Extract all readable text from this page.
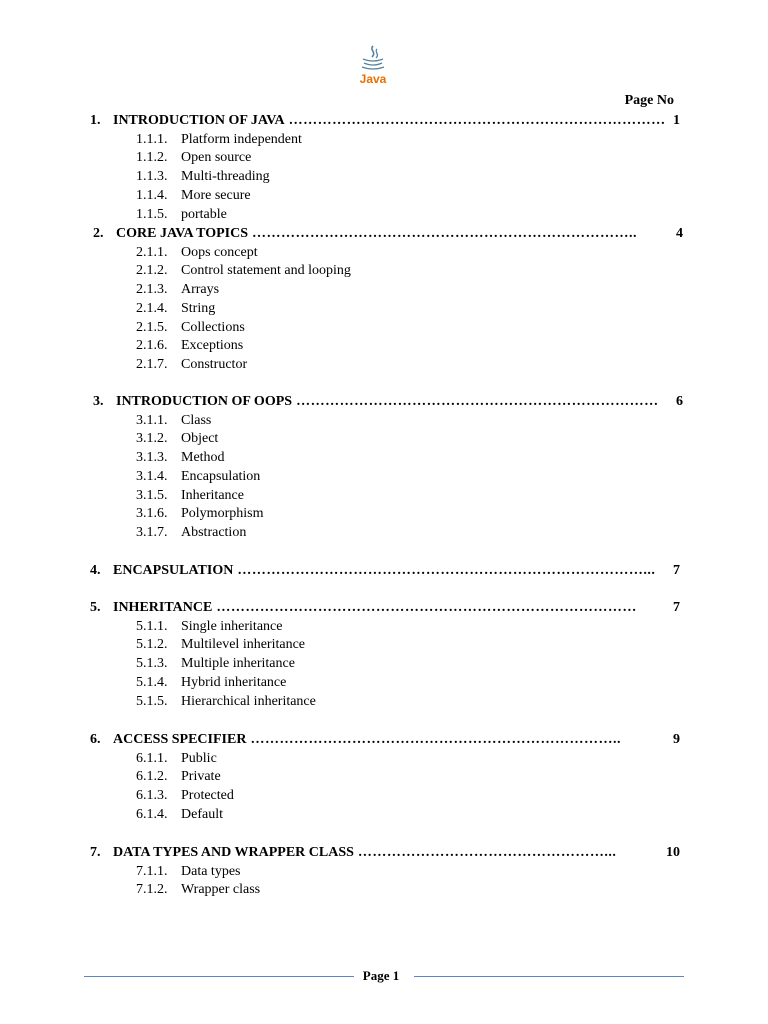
Java
Page No
1. INTRODUCTION OF JAVA …………………………………………………………………… 1
1.1.1. Platform independent
1.1.2. Open source
1.1.3. Multi-threading
1.1.4. More secure
1.1.5. portable
2. CORE JAVA TOPICS ……………………………………………………………………..	4
2.1.1. Oops concept
2.1.2. Control statement and looping
2.1.3. Arrays
2.1.4. String
2.1.5. Collections
2.1.6. Exceptions
2.1.7. Constructor
3. INTRODUCTION OF OOPS …………………………………………………………………	6
3.1.1. Class
3.1.2. Object
3.1.3. Method
3.1.4. Encapsulation
3.1.5. Inheritance
3.1.6. Polymorphism
3.1.7. Abstraction
4. ENCAPSULATION …………………………………………………………………………...	7
5. INHERITANCE ……………………………………………………………………………	7
5.1.1. Single inheritance
5.1.2. Multilevel inheritance
5.1.3. Multiple inheritance
5.1.4. Hybrid inheritance
5.1.5. Hierarchical inheritance
6. ACCESS SPECIFIER …………………………………………………………………..	9
6.1.1. Public
6.1.2. Private
6.1.3. Protected
6.1.4. Default
7. DATA TYPES AND WRAPPER CLASS ……………………………………………...	10
7.1.1. Data types
7.1.2. Wrapper class
Page 1
